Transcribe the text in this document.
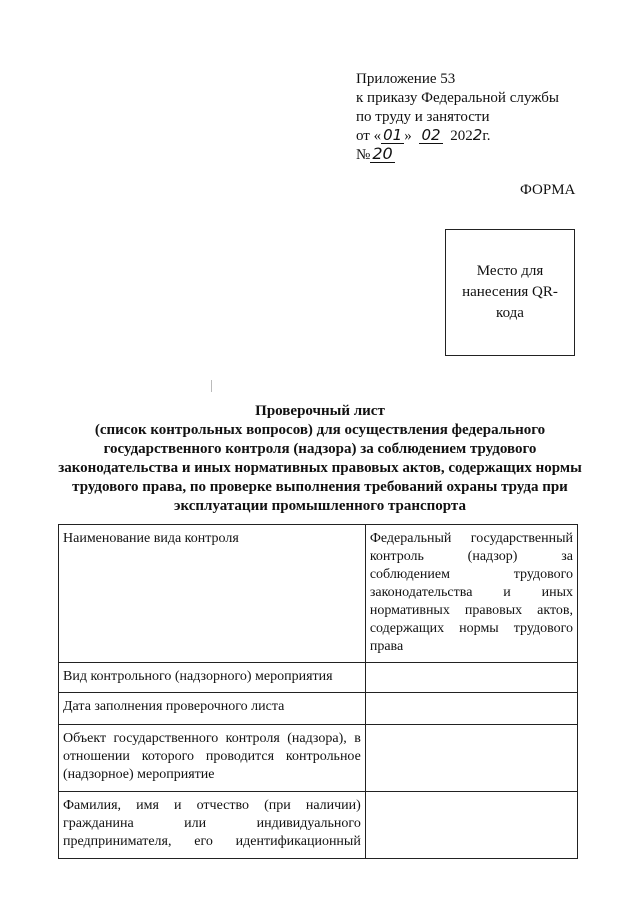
Приложение 53
к приказу Федеральной службы
по труду и занятости
от « 01 » 02 2022г.
№ 20
ФОРМА
Место для нанесения QR-кода
Проверочный лист
(список контрольных вопросов) для осуществления федерального
государственного контроля (надзора) за соблюдением трудового
законодательства и иных нормативных правовых актов, содержащих нормы
трудового права, по проверке выполнения требований охраны труда при
эксплуатации промышленного транспорта
Наименование вида контроля	Федеральный государственный контроль (надзор) за соблюдением трудового законодательства и иных нормативных правовых актов, содержащих нормы трудового права
Вид контрольного (надзорного) мероприятия	
Дата заполнения проверочного листа	
Объект государственного контроля (надзора), в отношении которого проводится контрольное (надзорное) мероприятие	
Фамилия, имя и отчество (при наличии) гражданина или индивидуального предпринимателя, его идентификационный	
